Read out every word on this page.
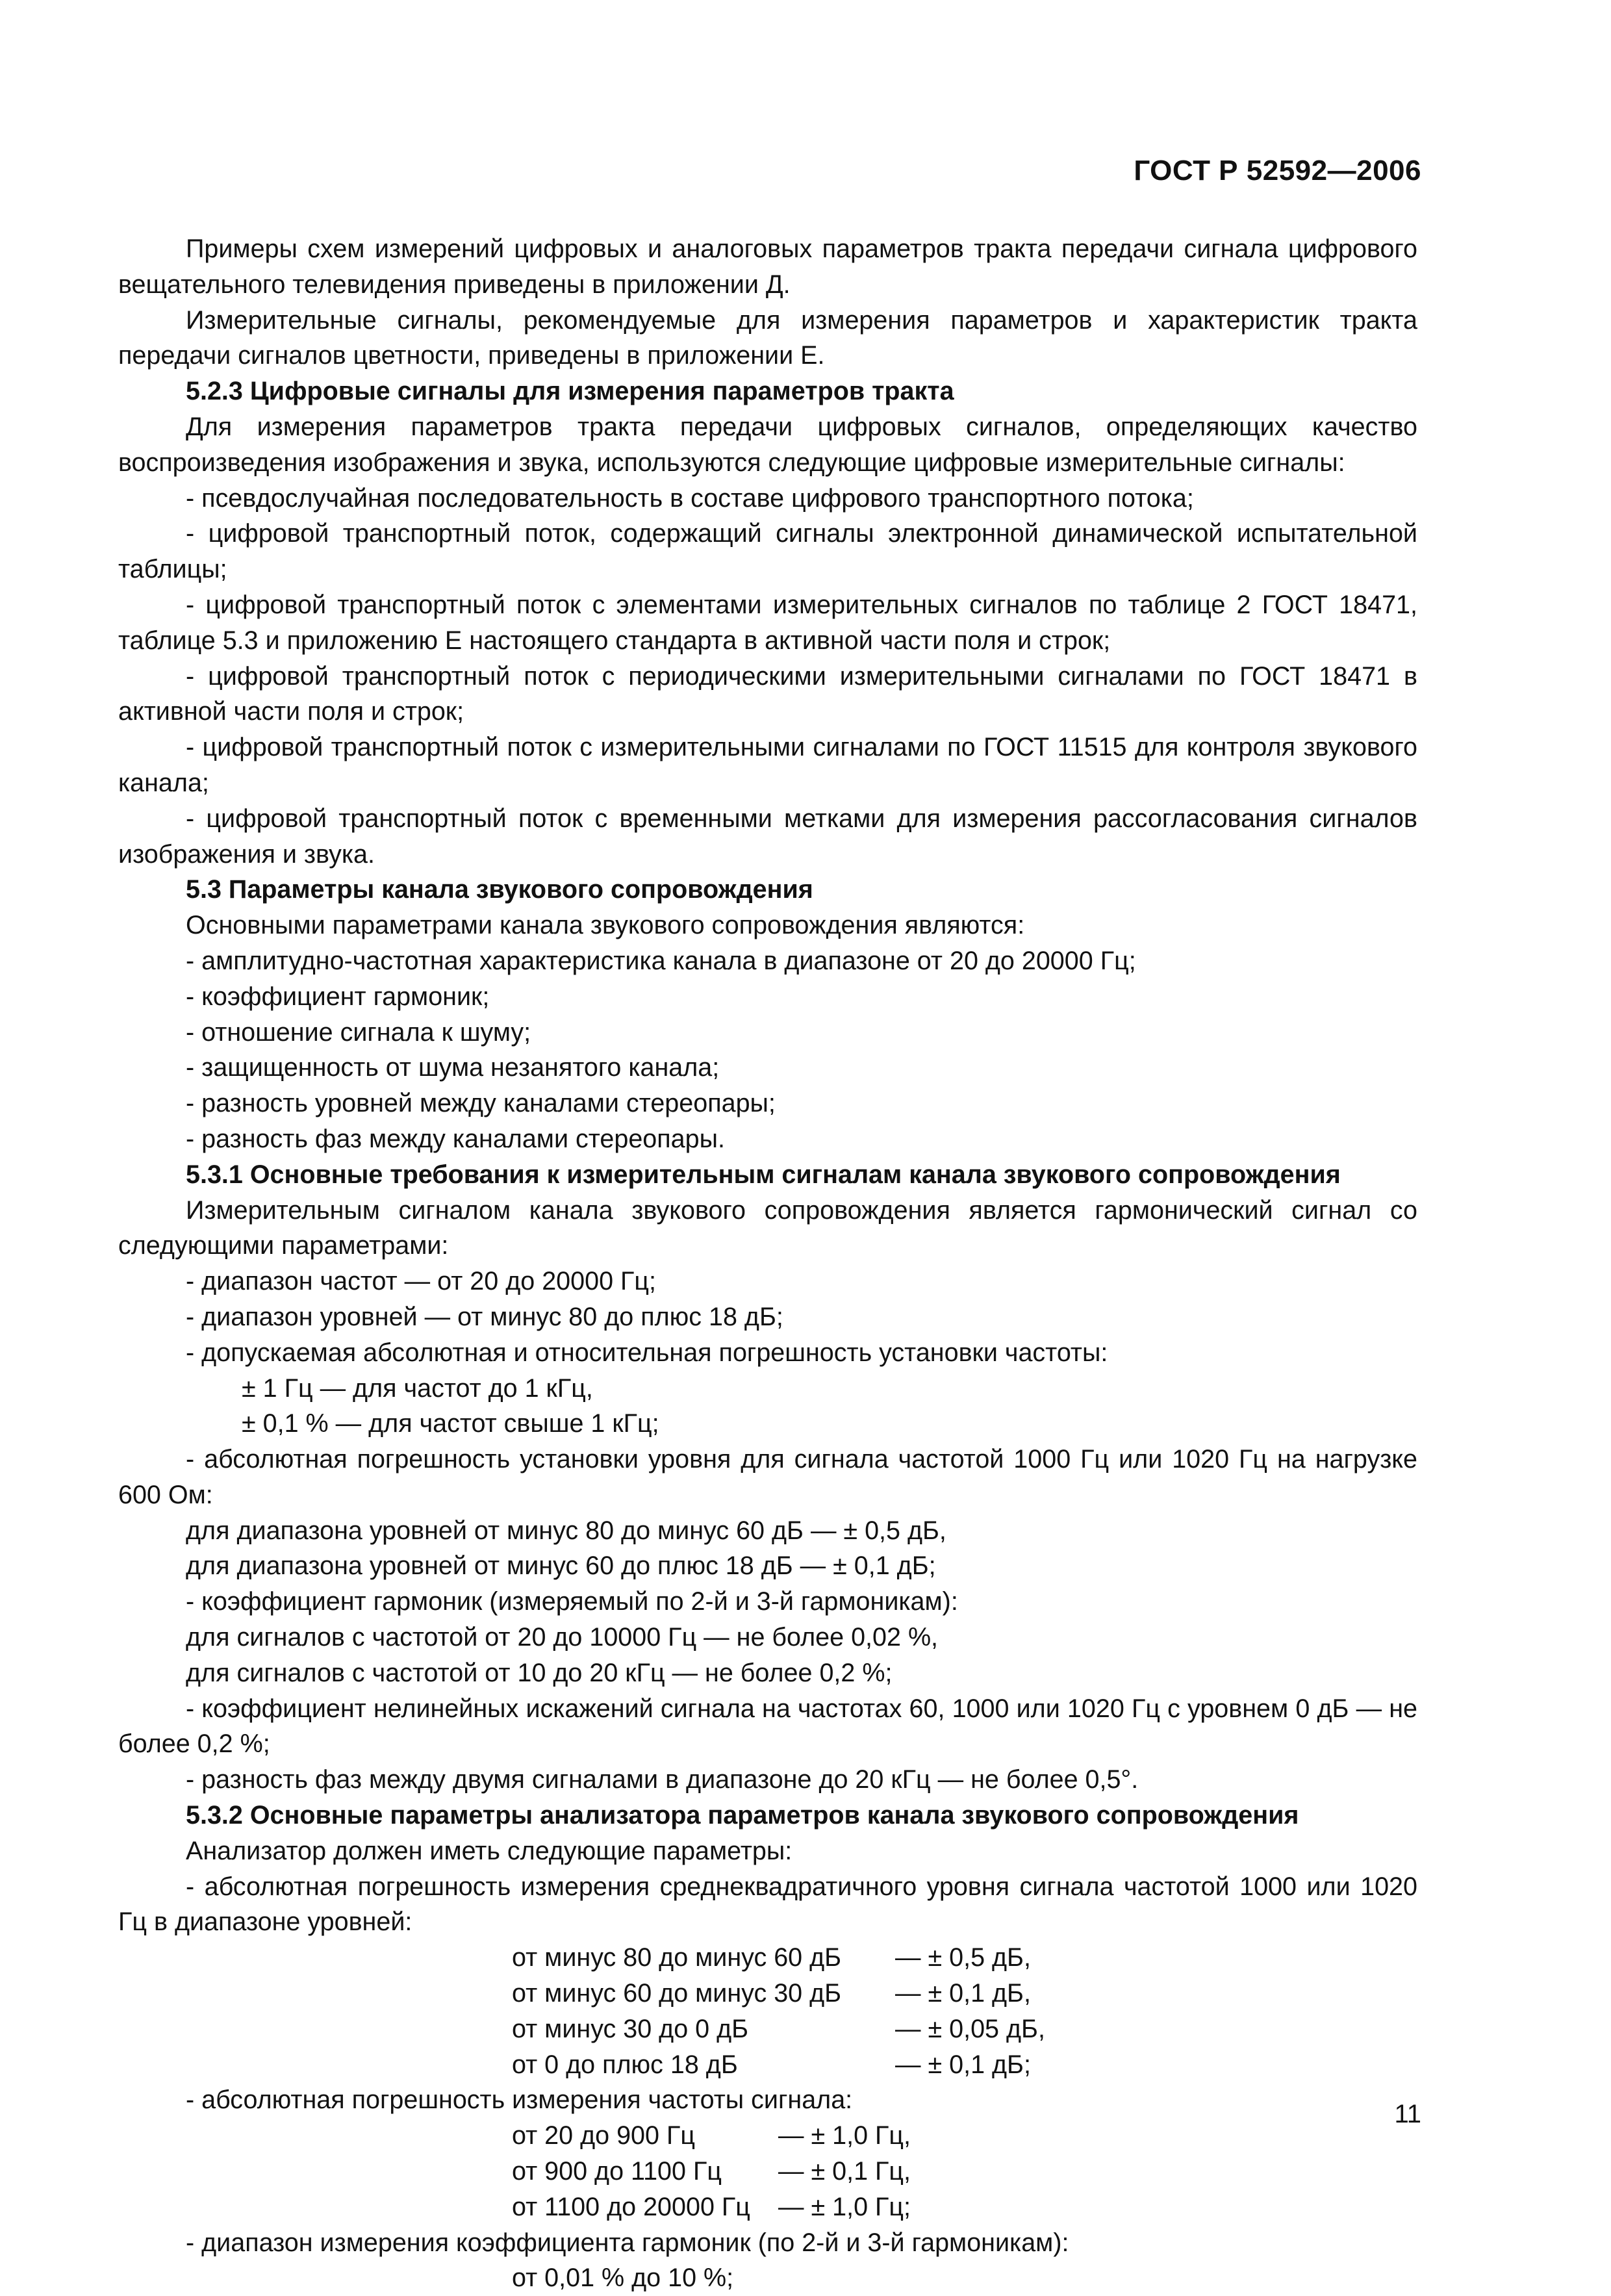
ГОСТ Р 52592—2006

Примеры схем измерений цифровых и аналоговых параметров тракта передачи сигнала цифрового вещательного телевидения приведены в приложении Д.

Измерительные сигналы, рекомендуемые для измерения параметров и характеристик тракта передачи сигналов цветности, приведены в приложении Е.

5.2.3 Цифровые сигналы для измерения параметров тракта

Для измерения параметров тракта передачи цифровых сигналов, определяющих качество воспроизведения изображения и звука, используются следующие цифровые измерительные сигналы:

- псевдослучайная последовательность в составе цифрового транспортного потока;

- цифровой транспортный поток, содержащий сигналы электронной динамической испытательной таблицы;

- цифровой транспортный поток с элементами измерительных сигналов по таблице 2 ГОСТ 18471, таблице 5.3 и приложению Е настоящего стандарта в активной части поля и строк;

- цифровой транспортный поток с периодическими измерительными сигналами по ГОСТ 18471 в активной части поля и строк;

- цифровой транспортный поток с измерительными сигналами по ГОСТ 11515 для контроля звукового канала;

- цифровой транспортный поток с временными метками для измерения рассогласования сигналов изображения и звука.

5.3 Параметры канала звукового сопровождения

Основными параметрами канала звукового сопровождения являются:

- амплитудно-частотная характеристика канала в диапазоне от 20 до 20000 Гц;

- коэффициент гармоник;

- отношение сигнала к шуму;

- защищенность от шума незанятого канала;

- разность уровней между каналами стереопары;

- разность фаз между каналами стереопары.

5.3.1 Основные требования к измерительным сигналам канала звукового сопровождения

Измерительным сигналом канала звукового сопровождения является гармонический сигнал со следующими параметрами:

- диапазон частот — от 20 до 20000 Гц;

- диапазон уровней — от минус 80 до плюс 18 дБ;

- допускаемая абсолютная и относительная погрешность установки частоты:

± 1 Гц — для частот до 1 кГц,

± 0,1 % — для частот свыше 1 кГц;

- абсолютная погрешность установки уровня для сигнала частотой 1000 Гц или 1020 Гц на нагрузке 600 Ом:

для диапазона уровней от минус 80 до минус 60 дБ — ± 0,5 дБ,

для диапазона уровней от минус 60 до плюс 18 дБ — ± 0,1 дБ;

- коэффициент гармоник (измеряемый по 2-й и 3-й гармоникам):

для сигналов с частотой от 20 до 10000 Гц — не более 0,02 %,

для сигналов с частотой от 10 до 20 кГц — не более 0,2 %;

- коэффициент нелинейных искажений сигнала на частотах 60, 1000 или 1020 Гц с уровнем 0 дБ — не более 0,2 %;

- разность фаз между двумя сигналами в диапазоне до 20 кГц — не более 0,5°.

5.3.2 Основные параметры анализатора параметров канала звукового сопровождения

Анализатор должен иметь следующие параметры:

- абсолютная погрешность измерения среднеквадратичного уровня сигнала частотой 1000 или 1020 Гц в диапазоне уровней:

от минус 80 до минус 60 дБ	— ± 0,5 дБ,
от минус 60 до минус 30 дБ	— ± 0,1 дБ,
от минус 30 до 0 дБ	— ± 0,05 дБ,
от 0 до плюс 18 дБ	— ± 0,1 дБ;

- абсолютная погрешность измерения частоты сигнала:

от 20 до 900 Гц	— ± 1,0 Гц,
от 900 до 1100 Гц	— ± 0,1 Гц,
от 1100 до 20000 Гц	— ± 1,0 Гц;

- диапазон измерения коэффициента гармоник (по 2-й и 3-й гармоникам):

от 0,01 % до 10 %;

11
